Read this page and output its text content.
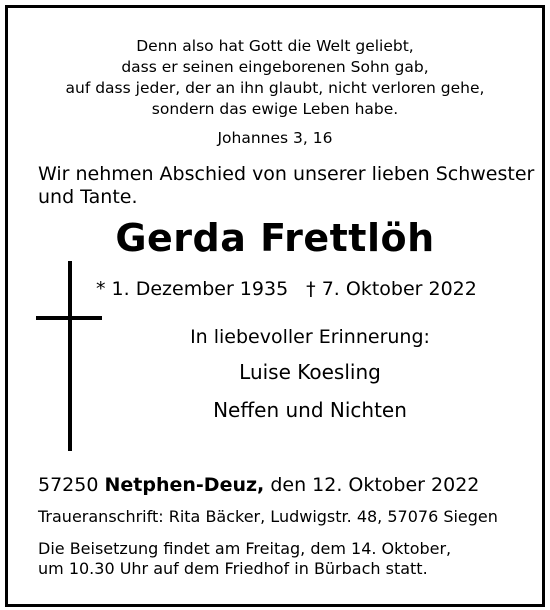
Denn also hat Gott die Welt geliebt,
dass er seinen eingeborenen Sohn gab,
auf dass jeder, der an ihn glaubt, nicht verloren gehe,
sondern das ewige Leben habe.
Johannes 3, 16
Wir nehmen Abschied von unserer lieben Schwester
und Tante.
Gerda Frettlöh
* 1. Dezember 1935 † 7. Oktober 2022
In liebevoller Erinnerung:
Luise Koesling
Neffen und Nichten
57250 Netphen-Deuz, den 12. Oktober 2022
Traueranschrift: Rita Bäcker, Ludwigstr. 48, 57076 Siegen
Die Beisetzung findet am Freitag, dem 14. Oktober,
um 10.30 Uhr auf dem Friedhof in Bürbach statt.
